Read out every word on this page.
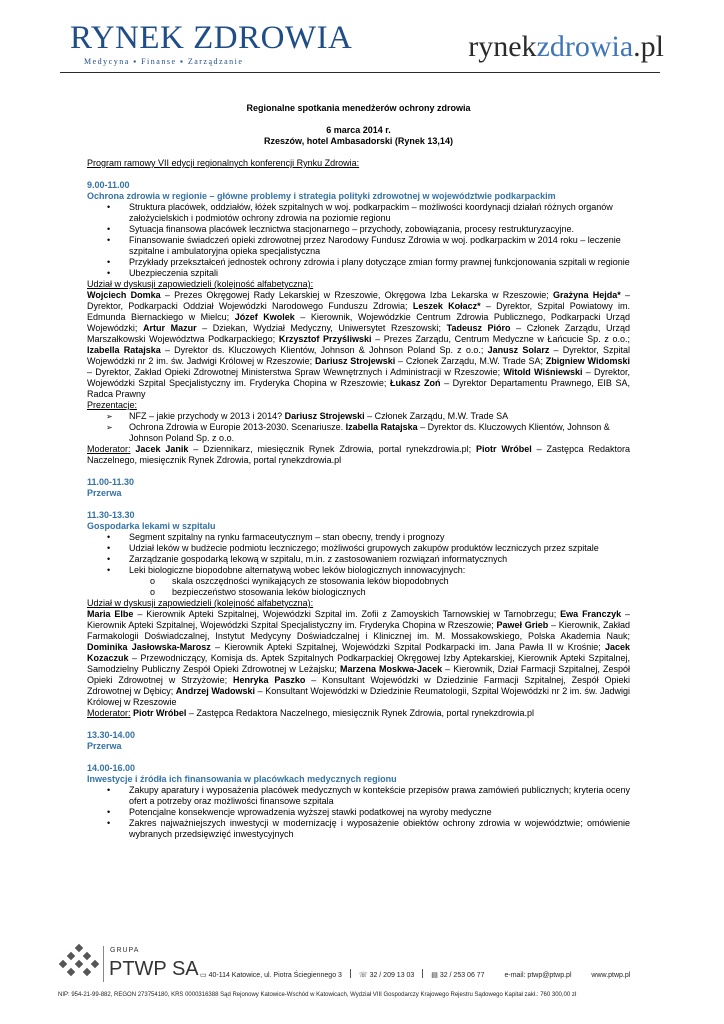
RYNEK ZDROWIA
Medycyna ▪ Finanse ▪ Zarządzanie	rynekzdrowia.pl

Regionalne spotkania menedżerów ochrony zdrowia

6 marca 2014 r.

Rzeszów, hotel Ambasadorski (Rynek 13,14)

Program ramowy VII edycji regionalnych konferencji Rynku Zdrowia:

9.00-11.00

Ochrona zdrowia w regionie – główne problemy i strategia polityki zdrowotnej w województwie podkarpackim

• Struktura placówek, oddziałów, łóżek szpitalnych w woj. podkarpackim – możliwości koordynacji działań różnych organów założycielskich i podmiotów ochrony zdrowia na poziomie regionu
• Sytuacja finansowa placówek lecznictwa stacjonarnego – przychody, zobowiązania, procesy restrukturyzacyjne.
• Finansowanie świadczeń opieki zdrowotnej przez Narodowy Fundusz Zdrowia w woj. podkarpackim w 2014 roku – leczenie szpitalne i ambulatoryjna opieka specjalistyczna
• Przykłady przekształceń jednostek ochrony zdrowia i plany dotyczące zmian formy prawnej funkcjonowania szpitali w regionie
• Ubezpieczenia szpitali

Udział w dyskusji zapowiedzieli (kolejność alfabetyczna):

Wojciech Domka – Prezes Okręgowej Rady Lekarskiej w Rzeszowie, Okręgowa Izba Lekarska w Rzeszowie; Grażyna Hejda* – Dyrektor, Podkarpacki Oddział Wojewódzki Narodowego Funduszu Zdrowia; Leszek Kołacz* – Dyrektor, Szpital Powiatowy im. Edmunda Biernackiego w Mielcu; Józef Kwolek – Kierownik, Wojewódzkie Centrum Zdrowia Publicznego, Podkarpacki Urząd Wojewódzki; Artur Mazur – Dziekan, Wydział Medyczny, Uniwersytet Rzeszowski; Tadeusz Pióro – Członek Zarządu, Urząd Marszałkowski Województwa Podkarpackiego; Krzysztof Przyśliwski – Prezes Zarządu, Centrum Medyczne w Łańcucie Sp. z o.o.; Izabella Ratajska – Dyrektor ds. Kluczowych Klientów, Johnson & Johnson Poland Sp. z o.o.; Janusz Solarz – Dyrektor, Szpital Wojewódzki nr 2 im. św. Jadwigi Królowej w Rzeszowie; Dariusz Strojewski – Członek Zarządu, M.W. Trade SA; Zbigniew Widomski – Dyrektor, Zakład Opieki Zdrowotnej Ministerstwa Spraw Wewnętrznych i Administracji w Rzeszowie; Witold Wiśniewski – Dyrektor, Wojewódzki Szpital Specjalistyczny im. Fryderyka Chopina w Rzeszowie; Łukasz Zoń – Dyrektor Departamentu Prawnego, EIB SA, Radca Prawny

Prezentacje:

➢ NFZ – jakie przychody w 2013 i 2014? Dariusz Strojewski – Członek Zarządu, M.W. Trade SA
➢ Ochrona Zdrowia w Europie 2013-2030. Scenariusze. Izabella Ratajska – Dyrektor ds. Kluczowych Klientów, Johnson & Johnson Poland Sp. z o.o.

Moderator: Jacek Janik – Dziennikarz, miesięcznik Rynek Zdrowia, portal rynekzdrowia.pl; Piotr Wróbel – Zastępca Redaktora Naczelnego, miesięcznik Rynek Zdrowia, portal rynekzdrowia.pl

11.00-11.30

Przerwa

11.30-13.30

Gospodarka lekami w szpitalu

• Segment szpitalny na rynku farmaceutycznym – stan obecny, trendy i prognozy
• Udział leków w budżecie podmiotu leczniczego; możliwości grupowych zakupów produktów leczniczych przez szpitale
• Zarządzanie gospodarką lekową w szpitalu, m.in. z zastosowaniem rozwiązań informatycznych
• Leki biologiczne biopodobne alternatywą wobec leków biologicznych innowacyjnych:
o skala oszczędności wynikających ze stosowania leków biopodobnych
o bezpieczeństwo stosowania leków biologicznych

Udział w dyskusji zapowiedzieli (kolejność alfabetyczna):

Maria Elbe – Kierownik Apteki Szpitalnej, Wojewódzki Szpital im. Zofii z Zamoyskich Tarnowskiej w Tarnobrzegu; Ewa Franczyk – Kierownik Apteki Szpitalnej, Wojewódzki Szpital Specjalistyczny im. Fryderyka Chopina w Rzeszowie; Paweł Grieb – Kierownik, Zakład Farmakologii Doświadczalnej, Instytut Medycyny Doświadczalnej i Klinicznej im. M. Mossakowskiego, Polska Akademia Nauk; Dominika Jasłowska-Marosz – Kierownik Apteki Szpitalnej, Wojewódzki Szpital Podkarpacki im. Jana Pawła II w Krośnie; Jacek Kozaczuk – Przewodniczący, Komisja ds. Aptek Szpitalnych Podkarpackiej Okręgowej Izby Aptekarskiej, Kierownik Apteki Szpitalnej, Samodzielny Publiczny Zespół Opieki Zdrowotnej w Leżajsku; Marzena Moskwa-Jacek – Kierownik, Dział Farmacji Szpitalnej, Zespół Opieki Zdrowotnej w Strzyżowie; Henryka Paszko – Konsultant Wojewódzki w Dziedzinie Farmacji Szpitalnej, Zespół Opieki Zdrowotnej w Dębicy; Andrzej Wadowski – Konsultant Wojewódzki w Dziedzinie Reumatologii, Szpital Wojewódzki nr 2 im. św. Jadwigi Królowej w Rzeszowie

Moderator: Piotr Wróbel – Zastępca Redaktora Naczelnego, miesięcznik Rynek Zdrowia, portal rynekzdrowia.pl

13.30-14.00

Przerwa

14.00-16.00

Inwestycje i źródła ich finansowania w placówkach medycznych regionu

• Zakupy aparatury i wyposażenia placówek medycznych w kontekście przepisów prawa zamówień publicznych; kryteria oceny ofert a potrzeby oraz możliwości finansowe szpitala
• Potencjalne konsekwencje wprowadzenia wyższej stawki podatkowej na wyroby medyczne
• Zakres najważniejszych inwestycji w modernizację i wyposażenie obiektów ochrony zdrowia w województwie; omówienie wybranych przedsięwzięć inwestycyjnych
GRUPA
PTWP SA ▭ 40-114 Katowice, ul. Piotra Ściegiennego 3 ☏ 32 / 209 13 03 ▤ 32 / 253 06 77	e-mail: ptwp@ptwp.pl	www.ptwp.pl
NIP: 954-21-99-882, REGON 273754180, KRS 0000316388 Sąd Rejonowy Katowice-Wschód w Katowicach, Wydział VIII Gospodarczy Krajowego Rejestru Sądowego Kapitał zakł.: 760 300,00 zł
